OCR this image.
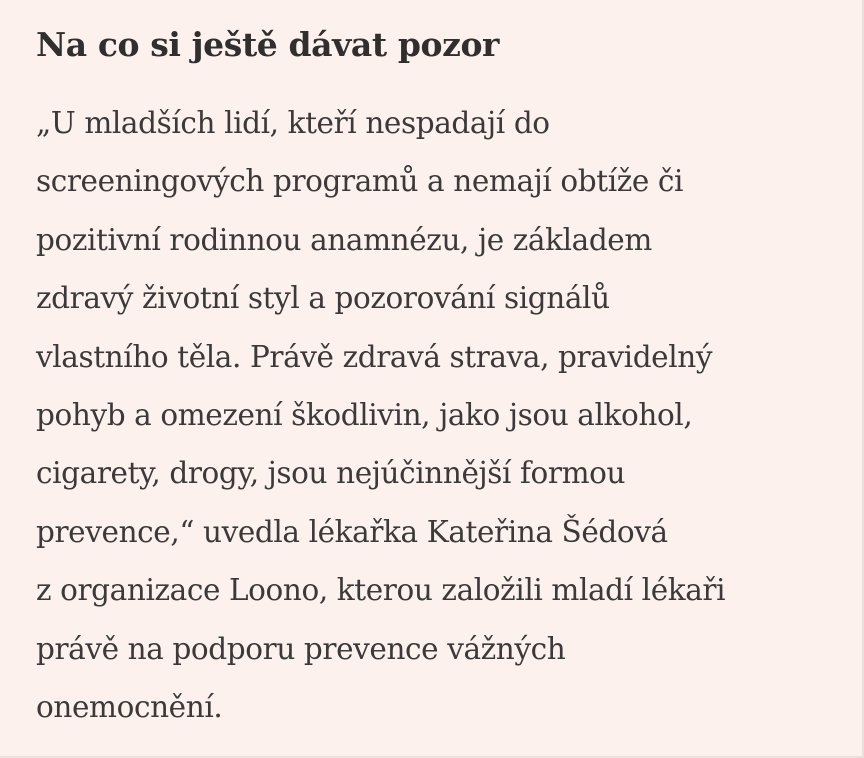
Na co si ještě dávat pozor

„U mladších lidí, kteří nespadají do
screeningových programů a nemají obtíže či
pozitivní rodinnou anamnézu, je základem
zdravý životní styl a pozorování signálů
vlastního těla. Právě zdravá strava, pravidelný
pohyb a omezení škodlivin, jako jsou alkohol,
cigarety, drogy, jsou nejúčinnější formou
prevence,“ uvedla lékařka Kateřina Šédová
z organizace Loono, kterou založili mladí lékaři
právě na podporu prevence vážných
onemocnění.
